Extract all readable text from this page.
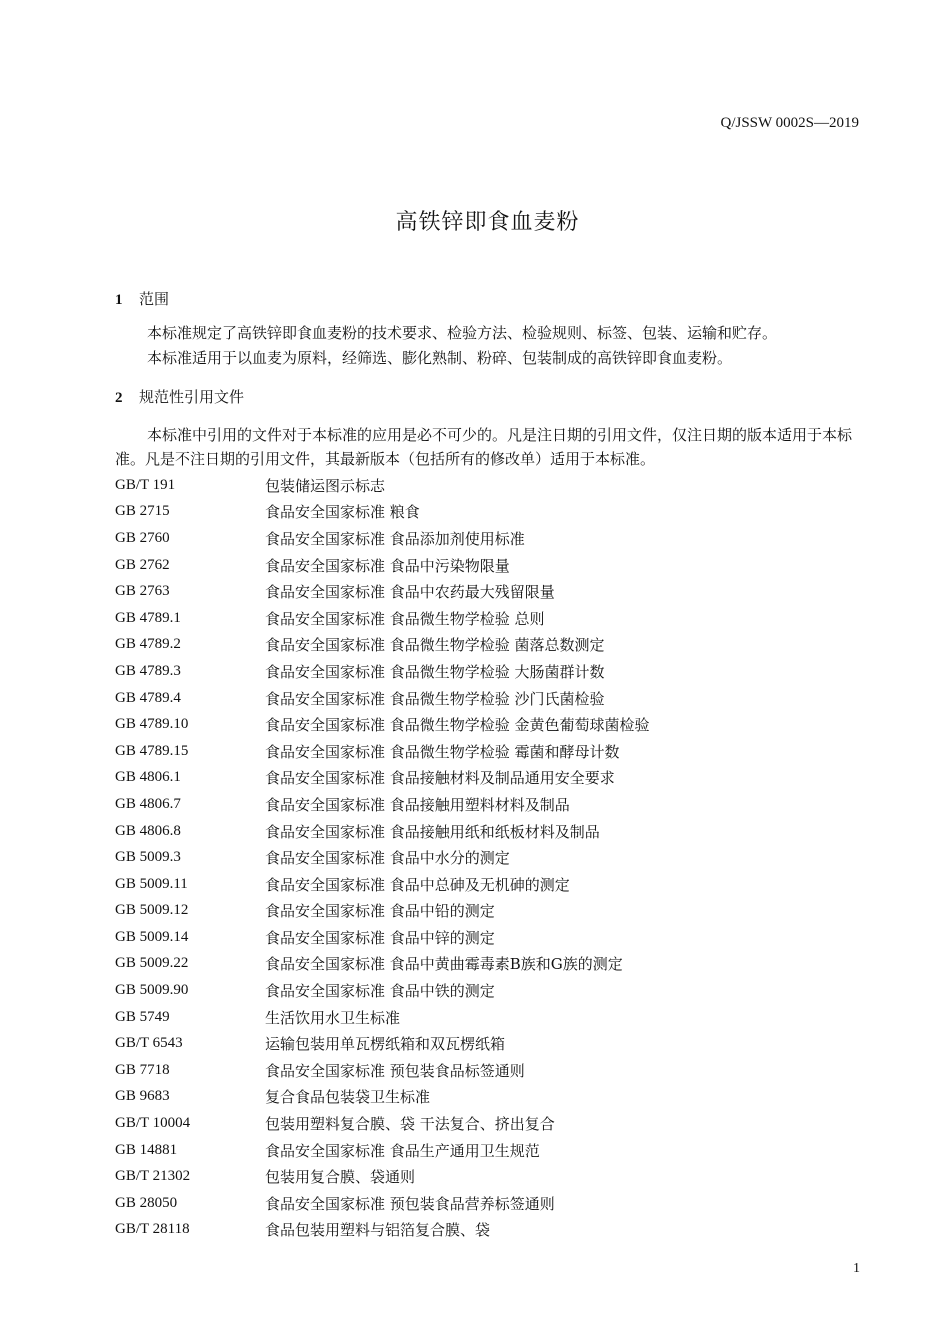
Q/JSSW 0002S—2019
高铁锌即食血麦粉
1 范围
本标准规定了高铁锌即食血麦粉的技术要求、检验方法、检验规则、标签、包装、运输和贮存。
本标准适用于以血麦为原料，经筛选、膨化熟制、粉碎、包装制成的高铁锌即食血麦粉。
2 规范性引用文件
本标准中引用的文件对于本标准的应用是必不可少的。凡是注日期的引用文件，仅注日期的版本适用于本标准。凡是不注日期的引用文件，其最新版本（包括所有的修改单）适用于本标准。
GB/T 191	包装储运图示标志
GB 2715	食品安全国家标准 粮食
GB 2760	食品安全国家标准 食品添加剂使用标准
GB 2762	食品安全国家标准 食品中污染物限量
GB 2763	食品安全国家标准 食品中农药最大残留限量
GB 4789.1	食品安全国家标准 食品微生物学检验 总则
GB 4789.2	食品安全国家标准 食品微生物学检验 菌落总数测定
GB 4789.3	食品安全国家标准 食品微生物学检验 大肠菌群计数
GB 4789.4	食品安全国家标准 食品微生物学检验 沙门氏菌检验
GB 4789.10	食品安全国家标准 食品微生物学检验 金黄色葡萄球菌检验
GB 4789.15	食品安全国家标准 食品微生物学检验 霉菌和酵母计数
GB 4806.1	食品安全国家标准 食品接触材料及制品通用安全要求
GB 4806.7	食品安全国家标准 食品接触用塑料材料及制品
GB 4806.8	食品安全国家标准 食品接触用纸和纸板材料及制品
GB 5009.3	食品安全国家标准 食品中水分的测定
GB 5009.11	食品安全国家标准 食品中总砷及无机砷的测定
GB 5009.12	食品安全国家标准 食品中铅的测定
GB 5009.14	食品安全国家标准 食品中锌的测定
GB 5009.22	食品安全国家标准 食品中黄曲霉毒素B族和G族的测定
GB 5009.90	食品安全国家标准 食品中铁的测定
GB 5749	生活饮用水卫生标准
GB/T 6543	运输包装用单瓦楞纸箱和双瓦楞纸箱
GB 7718	食品安全国家标准 预包装食品标签通则
GB 9683	复合食品包装袋卫生标准
GB/T 10004	包装用塑料复合膜、袋 干法复合、挤出复合
GB 14881	食品安全国家标准 食品生产通用卫生规范
GB/T 21302	包装用复合膜、袋通则
GB 28050	食品安全国家标准 预包装食品营养标签通则
GB/T 28118	食品包装用塑料与铝箔复合膜、袋
1
